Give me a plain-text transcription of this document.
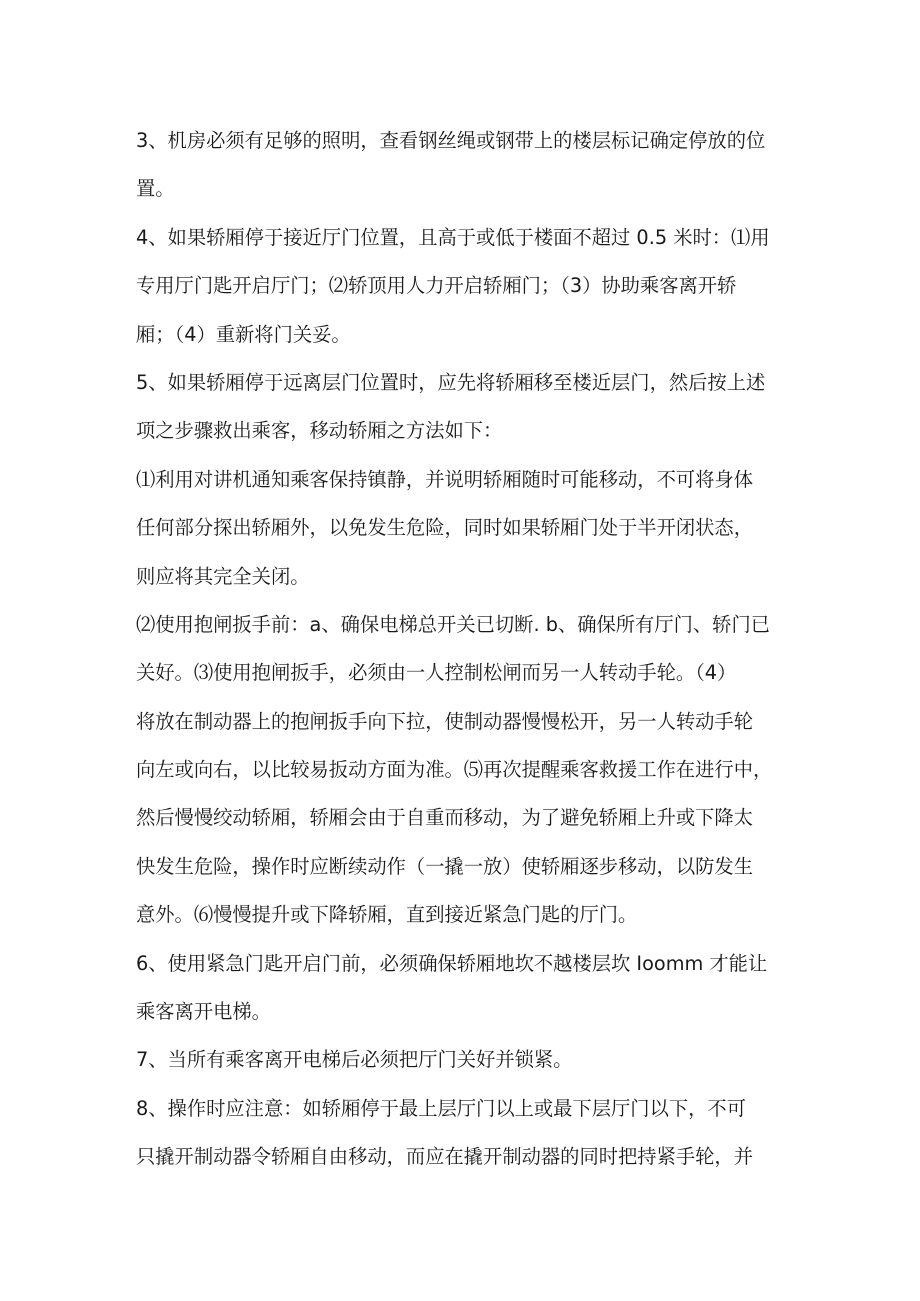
3、机房必须有足够的照明，查看钢丝绳或钢带上的楼层标记确定停放的位
置。

4、如果轿厢停于接近厅门位置，且高于或低于楼面不超过 0.5 米时：⑴用
专用厅门匙开启厅门；⑵轿顶用人力开启轿厢门；（3）协助乘客离开轿
厢；（4）重新将门关妥。

5、如果轿厢停于远离层门位置时，应先将轿厢移至楼近层门，然后按上述
项之步骤救出乘客，移动轿厢之方法如下：

⑴利用对讲机通知乘客保持镇静，并说明轿厢随时可能移动，不可将身体
任何部分探出轿厢外，以免发生危险，同时如果轿厢门处于半开闭状态，
则应将其完全关闭。

⑵使用抱闸扳手前：a、确保电梯总开关已切断. b、确保所有厅门、轿门已
关好。⑶使用抱闸扳手，必须由一人控制松闸而另一人转动手轮。（4）
将放在制动器上的抱闸扳手向下拉，使制动器慢慢松开，另一人转动手轮
向左或向右，以比较易扳动方面为准。⑸再次提醒乘客救援工作在进行中，
然后慢慢绞动轿厢，轿厢会由于自重而移动，为了避免轿厢上升或下降太
快发生危险，操作时应断续动作（一撬一放）使轿厢逐步移动，以防发生
意外。⑹慢慢提升或下降轿厢，直到接近紧急门匙的厅门。

6、使用紧急门匙开启门前，必须确保轿厢地坎不越楼层坎 Ioomm 才能让
乘客离开电梯。

7、当所有乘客离开电梯后必须把厅门关好并锁紧。

8、操作时应注意：如轿厢停于最上层厅门以上或最下层厅门以下，不可
只撬开制动器令轿厢自由移动，而应在撬开制动器的同时把持紧手轮，并
